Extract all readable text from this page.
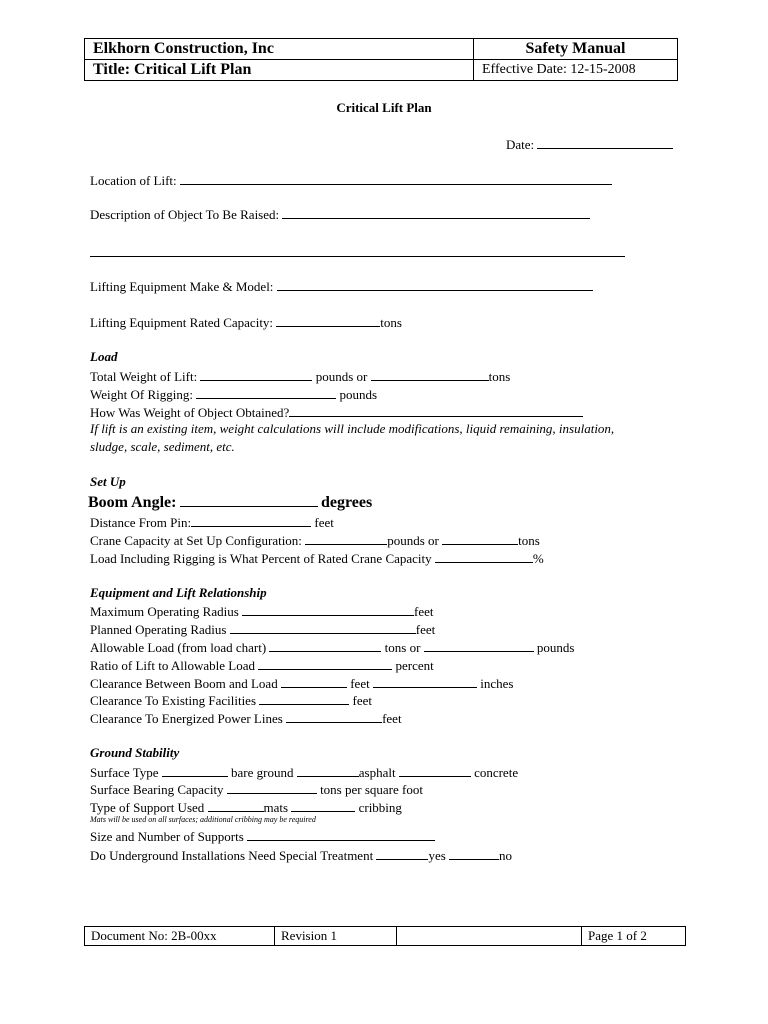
Elkhorn Construction, Inc	Safety Manual
Title: Critical Lift Plan	Effective Date: 12-15-2008
Critical Lift Plan
Date:
Location of Lift:
Description of Object To Be Raised:
Lifting Equipment Make & Model:
Lifting Equipment Rated Capacity:	tons
Load
Total Weight of Lift:	pounds or	tons
Weight Of Rigging:	pounds
How Was Weight of Object Obtained?
If lift is an existing item, weight calculations will include modifications, liquid remaining, insulation, sludge, scale, sediment, etc.
Set Up
Boom Angle:	degrees
Distance From Pin:	feet
Crane Capacity at Set Up Configuration:	pounds or	tons
Load Including Rigging is What Percent of Rated Crane Capacity	%
Equipment and Lift Relationship
Maximum Operating Radius	feet
Planned Operating Radius	feet
Allowable Load (from load chart)	tons or	pounds
Ratio of Lift to Allowable Load	percent
Clearance Between Boom and Load	feet	inches
Clearance To Existing Facilities	feet
Clearance To Energized Power Lines	feet
Ground Stability
Surface Type	bare ground	asphalt	concrete
Surface Bearing Capacity	tons per square foot
Type of Support Used	mats	cribbing
Mats will be used on all surfaces; additional cribbing may be required
Size and Number of Supports
Do Underground Installations Need Special Treatment	yes	no
Document No: 2B-00xx	Revision 1		Page 1 of 2
